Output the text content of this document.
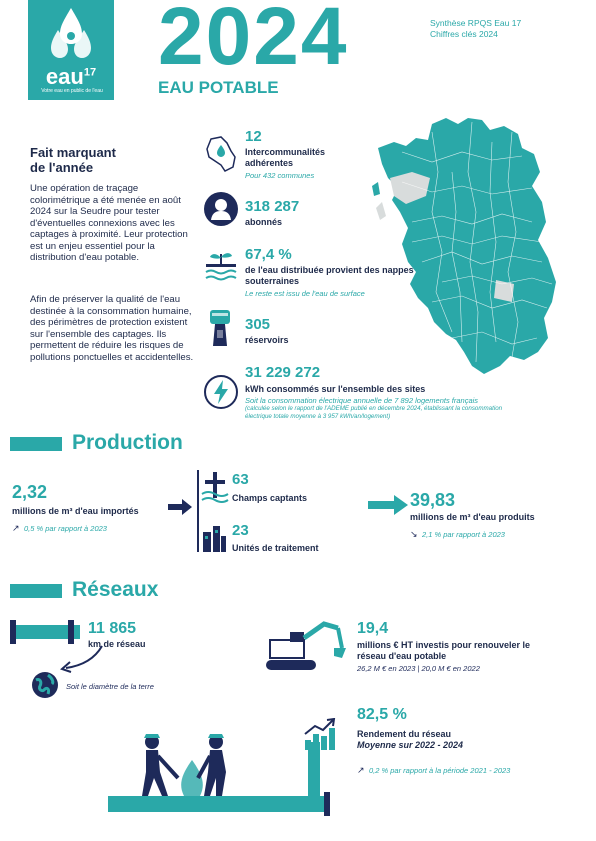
eau$^{17}$
Votre eau en public de l'eau
2024
EAU POTABLE
Synthèse RPQS Eau 17
Chiffres clés 2024
Fait marquant
de l'année
Une opération de traçage colorimétrique a été menée en août 2024 sur la Seudre pour tester d'éventuelles connexions avec les captages à proximité. Leur protection est un enjeu essentiel pour la distribution d'eau potable.
Afin de préserver la qualité de l'eau destinée à la consommation humaine, des périmètres de protection existent sur l'ensemble des captages. Ils permettent de réduire les risques de pollutions ponctuelles et accidentelles.
12
Intercommunalités adhérentes
Pour 432 communes
318 287
abonnés
67,4 %
de l'eau distribuée provient des nappes souterraines
Le reste est issu de l'eau de surface
305
réservoirs
31 229 272
kWh consommés sur l'ensemble des sites
Soit la consommation électrique annuelle de 7 892 logements français
(calculée selon le rapport de l'ADEME publié en décembre 2024, établissant la consommation électrique totale moyenne à 3 957 kWh/an/logement)
Production
2,32
millions de m³ d'eau importés
↗ 0,5 % par rapport à 2023
63
Champs captants
23
Unités de traitement
39,83
millions de m³ d'eau produits
↘ 2,1 % par rapport à 2023
Réseaux
11 865
km de réseau
Soit le diamètre de la terre
19,4
millions € HT investis pour renouveler le réseau d'eau potable
26,2 M € en 2023 | 20,0 M € en 2022
82,5 %
Rendement du réseau
Moyenne sur 2022 - 2024
↗ 0,2 % par rapport à la période 2021 - 2023
